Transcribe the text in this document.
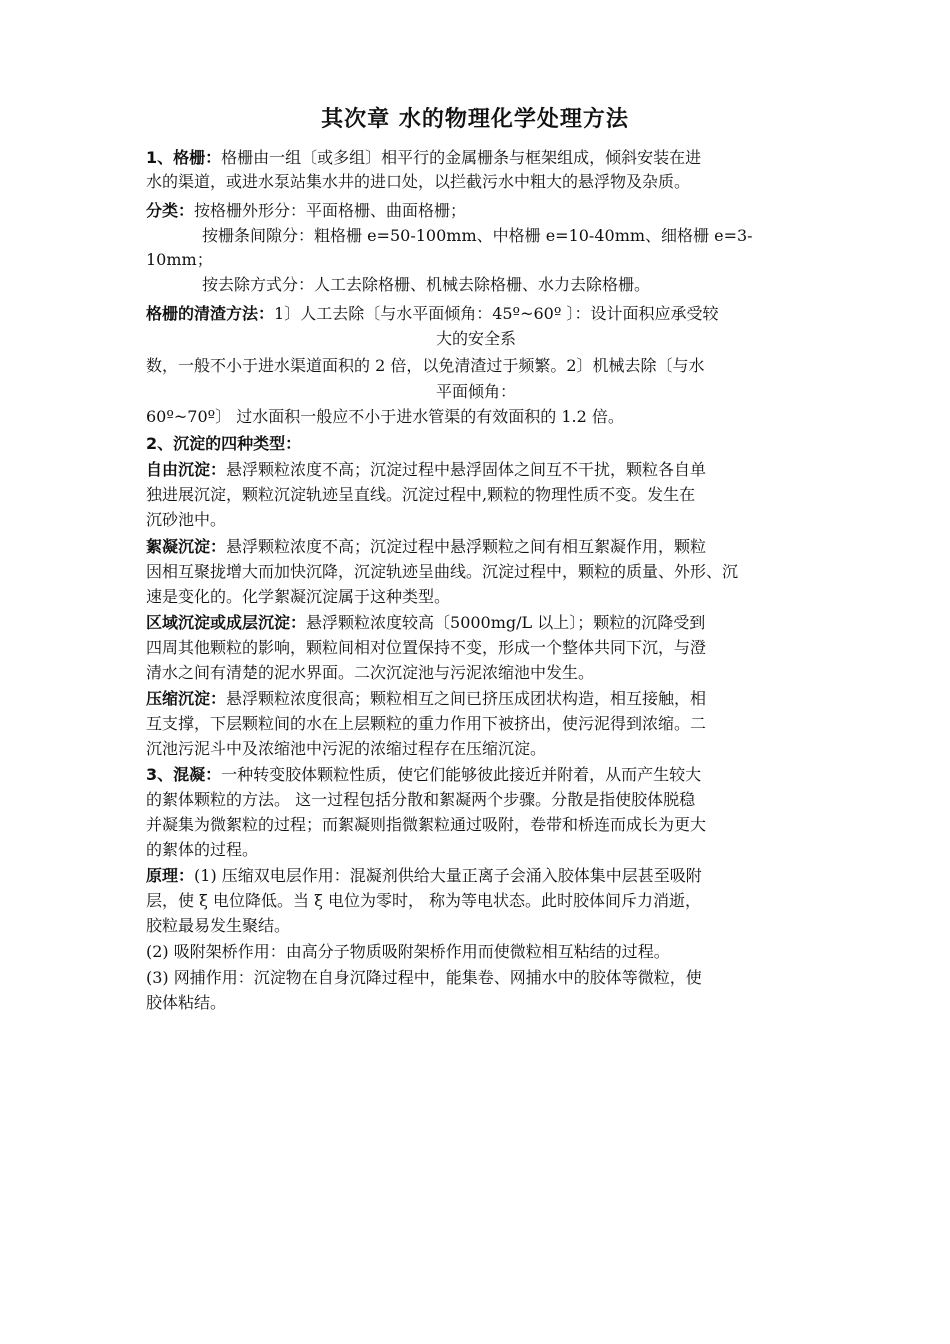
其次章 水的物理化学处理方法
1、格栅：格栅由一组〔或多组〕相平行的金属栅条与框架组成，倾斜安装在进
水的渠道，或进水泵站集水井的进口处，以拦截污水中粗大的悬浮物及杂质。
分类：按格栅外形分：平面格栅、曲面格栅；
按栅条间隙分：粗格栅 e=50-100mm、中格栅 e=10-40mm、细格栅 e=3-
10mm；
按去除方式分：人工去除格栅、机械去除格栅、水力去除格栅。
格栅的清渣方法：1〕人工去除〔与水平面倾角：45º~60º 〕：设计面积应承受较
大的安全系
数，一般不小于进水渠道面积的 2 倍，以免清渣过于频繁。2〕机械去除〔与水
平面倾角：
60º~70º〕 过水面积一般应不小于进水管渠的有效面积的 1.2 倍。
2、沉淀的四种类型：
自由沉淀：悬浮颗粒浓度不高；沉淀过程中悬浮固体之间互不干扰，颗粒各自单
独进展沉淀，颗粒沉淀轨迹呈直线。沉淀过程中,颗粒的物理性质不变。发生在
沉砂池中。
絮凝沉淀：悬浮颗粒浓度不高；沉淀过程中悬浮颗粒之间有相互絮凝作用，颗粒
因相互聚拢增大而加快沉降，沉淀轨迹呈曲线。沉淀过程中，颗粒的质量、外形、沉
速是变化的。化学絮凝沉淀属于这种类型。
区域沉淀或成层沉淀：悬浮颗粒浓度较高〔5000mg/L 以上〕；颗粒的沉降受到
四周其他颗粒的影响，颗粒间相对位置保持不变，形成一个整体共同下沉，与澄
清水之间有清楚的泥水界面。二次沉淀池与污泥浓缩池中发生。
压缩沉淀：悬浮颗粒浓度很高；颗粒相互之间已挤压成团状构造，相互接触，相
互支撑，下层颗粒间的水在上层颗粒的重力作用下被挤出，使污泥得到浓缩。二
沉池污泥斗中及浓缩池中污泥的浓缩过程存在压缩沉淀。
3、混凝：一种转变胶体颗粒性质，使它们能够彼此接近并附着，从而产生较大
的絮体颗粒的方法。 这一过程包括分散和絮凝两个步骤。分散是指使胶体脱稳
并凝集为微絮粒的过程；而絮凝则指微絮粒通过吸附，卷带和桥连而成长为更大
的絮体的过程。
原理：(1) 压缩双电层作用：混凝剂供给大量正离子会涌入胶体集中层甚至吸附
层，使 ξ 电位降低。当 ξ 电位为零时， 称为等电状态。此时胶体间斥力消逝，
胶粒最易发生聚结。
(2) 吸附架桥作用：由高分子物质吸附架桥作用而使微粒相互粘结的过程。
(3) 网捕作用：沉淀物在自身沉降过程中，能集卷、网捕水中的胶体等微粒，使
胶体粘结。
